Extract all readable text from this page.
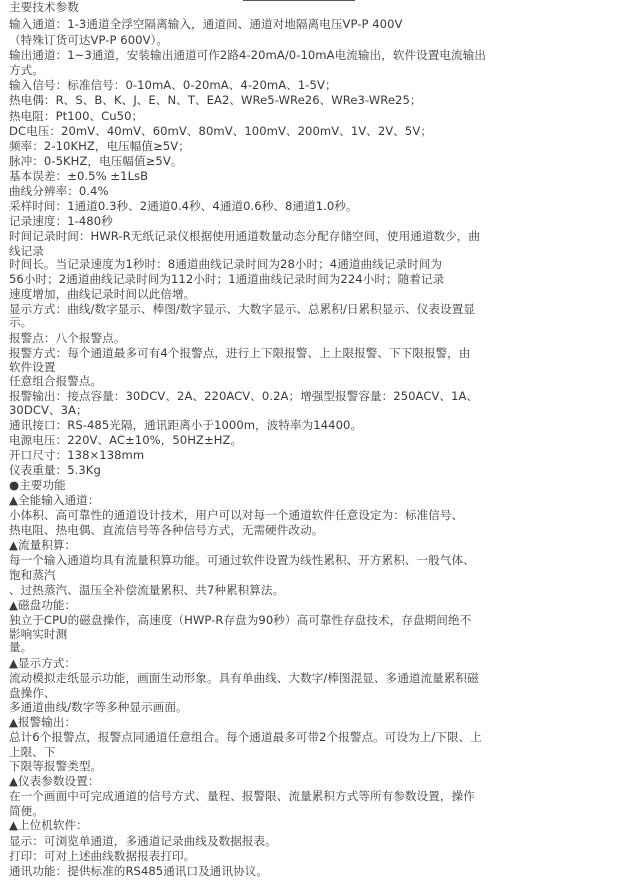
主要技术参数
输入通道：1-3通道全浮空隔离输入，通道间、通道对地隔离电压VP-P 400V
（特殊订货可达VP-P 600V）。
输出通道：1~3通道，安装输出通道可作2路4-20mA/0-10mA电流输出，软件设置电流输出
方式。
输入信号：标准信号：0-10mA、0-20mA、4-20mA、1-5V；
热电偶：R、S、B、K、J、E、N、T、EA2、WRe5-WRe26、WRe3-WRe25；
热电阻：Pt100、Cu50；
DC电压：20mV、40mV、60mV、80mV、100mV、200mV、1V、2V、5V；
频率：2-10KHZ，电压幅值≥5V；
脉冲：0-5KHZ，电压幅值≥5V。
基本误差：±0.5% ±1LsB
曲线分辨率：0.4%
采样时间：1通道0.3秒、2通道0.4秒、4通道0.6秒、8通道1.0秒。
记录速度：1-480秒
时间记录时间：HWR-R无纸记录仪根据使用通道数量动态分配存储空间，使用通道数少，曲
线记录
时间长。当记录速度为1秒时：8通道曲线记录时间为28小时；4通道曲线记录时间为
56小时；2通道曲线记录时间为112小时；1通道曲线记录时间为224小时；随着记录
速度增加，曲线记录时间以此倍增。
显示方式：曲线/数字显示、棒图/数字显示、大数字显示、总累积/日累积显示、仪表设置显
示。
报警点：八个报警点。
报警方式：每个通道最多可有4个报警点，进行上下限报警、上上限报警、下下限报警，由
软件设置
任意组合报警点。
报警输出：接点容量：30DCV、2A、220ACV、0.2A；增强型报警容量：250ACV、1A、
30DCV、3A；
通讯接口：RS-485光隔，通讯距离小于1000m，波特率为14400。
电源电压：220V、AC±10%，50HZ±HZ。
开口尺寸：138×138mm
仪表重量：5.3Kg
●主要功能
▲全能输入通道：
小体积、高可靠性的通道设计技术，用户可以对每一个通道软件任意设定为：标准信号、
热电阻、热电偶、直流信号等各种信号方式，无需硬件改动。
▲流量积算：
每一个输入通道均具有流量积算功能。可通过软件设置为线性累积、开方累积、一般气体、
饱和蒸汽
、过热蒸汽、温压全补偿流量累积、共7种累积算法。
▲磁盘功能：
独立于CPU的磁盘操作，高速度（HWP-R存盘为90秒）高可靠性存盘技术，存盘期间绝不
影响实时测
量。
▲显示方式：
流动模拟走纸显示功能，画面生动形象。具有单曲线、大数字/棒图混显、多通道流量累积磁
盘操作、
多通道曲线/数字等多种显示画面。
▲报警输出：
总计6个报警点，报警点同通道任意组合。每个通道最多可带2个报警点。可设为上/下限、上
上限、下
下限等报警类型。
▲仪表参数设置：
在一个画面中可完成通道的信号方式、量程、报警限、流量累积方式等所有参数设置，操作
简便。
▲上位机软件：
显示：可浏览单通道，多通道记录曲线及数据报表。
打印：可对上述曲线数据报表打印。
通讯功能：提供标准的RS485通讯口及通讯协议。
